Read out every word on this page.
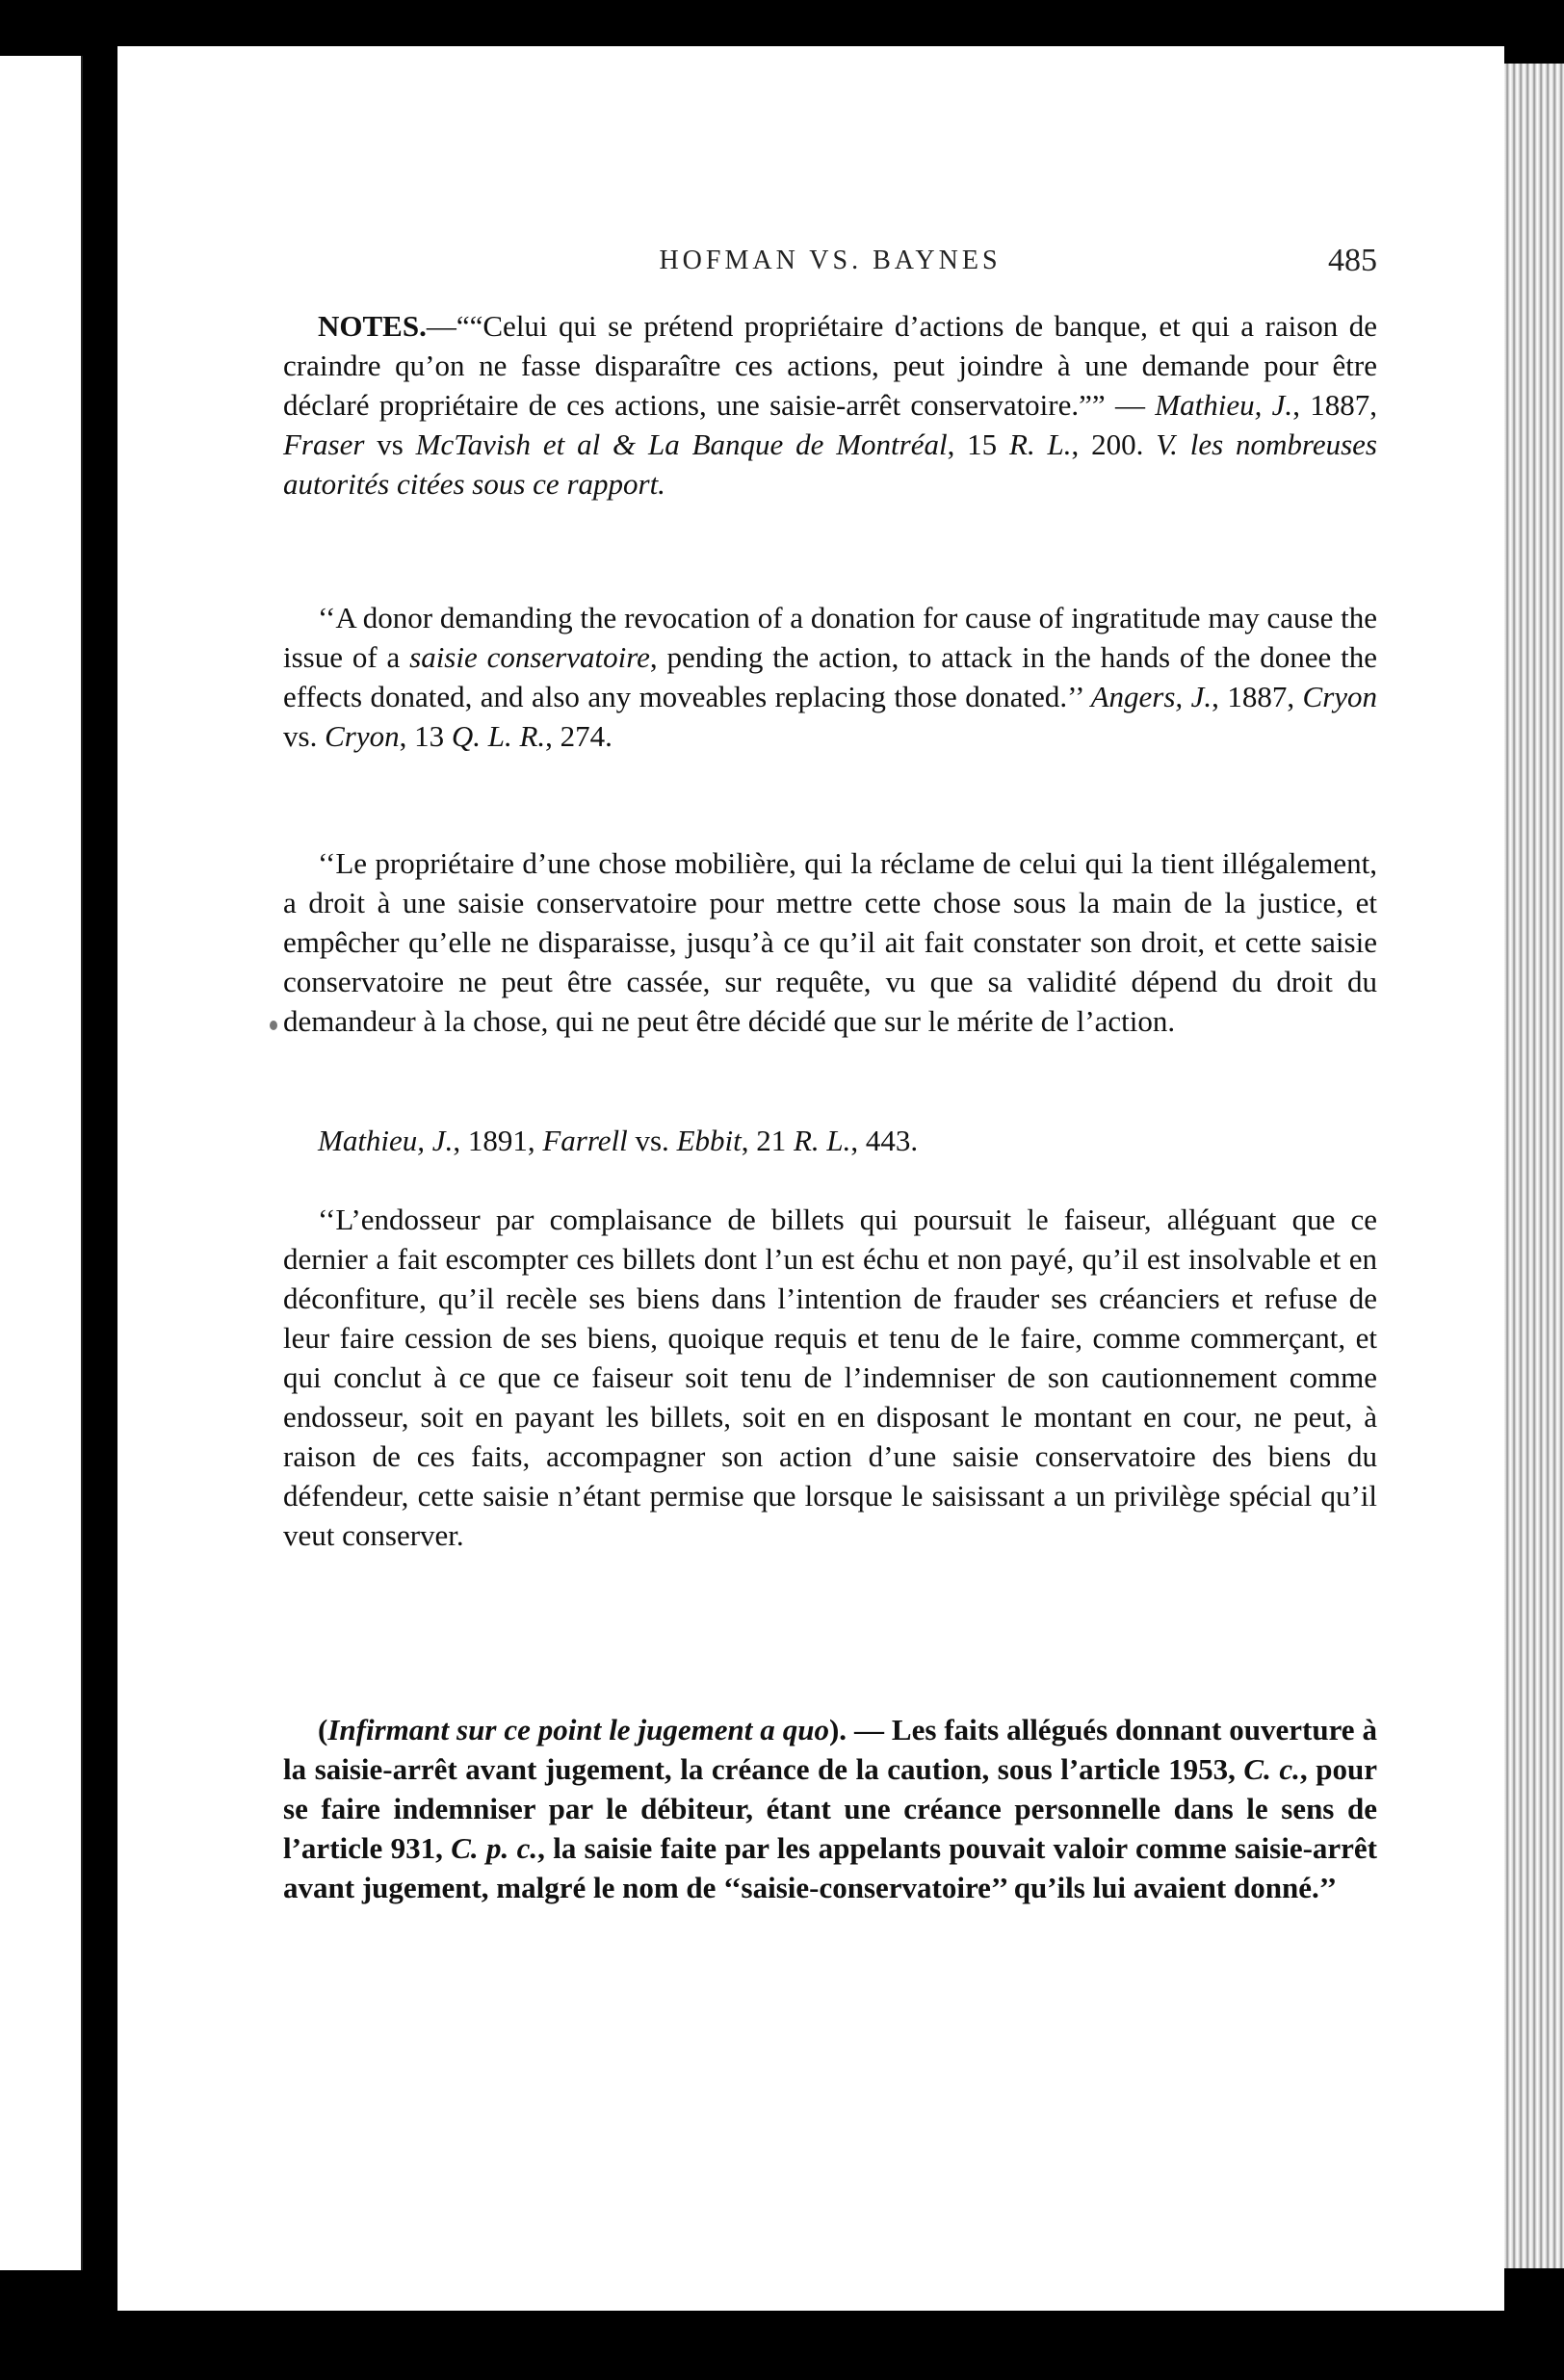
HOFMAN VS. BAYNES	485

NOTES.—““Celui qui se prétend propriétaire d’actions de banque, et qui a raison de craindre qu’on ne fasse disparaître ces actions, peut joindre à une demande pour être déclaré propriétaire de ces actions, une saisie-arrêt conservatoire.”” — Mathieu, J., 1887, Fraser vs McTavish et al & La Banque de Montréal, 15 R. L., 200. V. les nombreuses autorités citées sous ce rapport.

‘‘A donor demanding the revocation of a donation for cause of ingratitude may cause the issue of a saisie conservatoire, pending the action, to attack in the hands of the donee the effects donated, and also any moveables replacing those donated.’’ Angers, J., 1887, Cryon vs. Cryon, 13 Q. L. R., 274.

‘‘Le propriétaire d’une chose mobilière, qui la réclame de celui qui la tient illégalement, a droit à une saisie conservatoire pour mettre cette chose sous la main de la justice, et empêcher qu’elle ne disparaisse, jusqu’à ce qu’il ait fait constater son droit, et cette saisie conservatoire ne peut être cassée, sur requête, vu que sa validité dépend du droit du demandeur à la chose, qui ne peut être décidé que sur le mérite de l’action.

Mathieu, J., 1891, Farrell vs. Ebbit, 21 R. L., 443.

‘‘L’endosseur par complaisance de billets qui poursuit le faiseur, alléguant que ce dernier a fait escompter ces billets dont l’un est échu et non payé, qu’il est insolvable et en déconfiture, qu’il recèle ses biens dans l’intention de frauder ses créanciers et refuse de leur faire cession de ses biens, quoique requis et tenu de le faire, comme commerçant, et qui conclut à ce que ce faiseur soit tenu de l’indemniser de son cautionnement comme endosseur, soit en payant les billets, soit en en disposant le montant en cour, ne peut, à raison de ces faits, accompagner son action d’une saisie conservatoire des biens du défendeur, cette saisie n’étant permise que lorsque le saisissant a un privilège spécial qu’il veut conserver.

(Infirmant sur ce point le jugement a quo). — Les faits allégués donnant ouverture à la saisie-arrêt avant jugement, la créance de la caution, sous l’article 1953, C. c., pour se faire indemniser par le débiteur, étant une créance personnelle dans le sens de l’article 931, C. p. c., la saisie faite par les appelants pouvait valoir comme saisie-arrêt avant jugement, malgré le nom de ‘‘saisie-conservatoire’’ qu’ils lui avaient donné.’’
